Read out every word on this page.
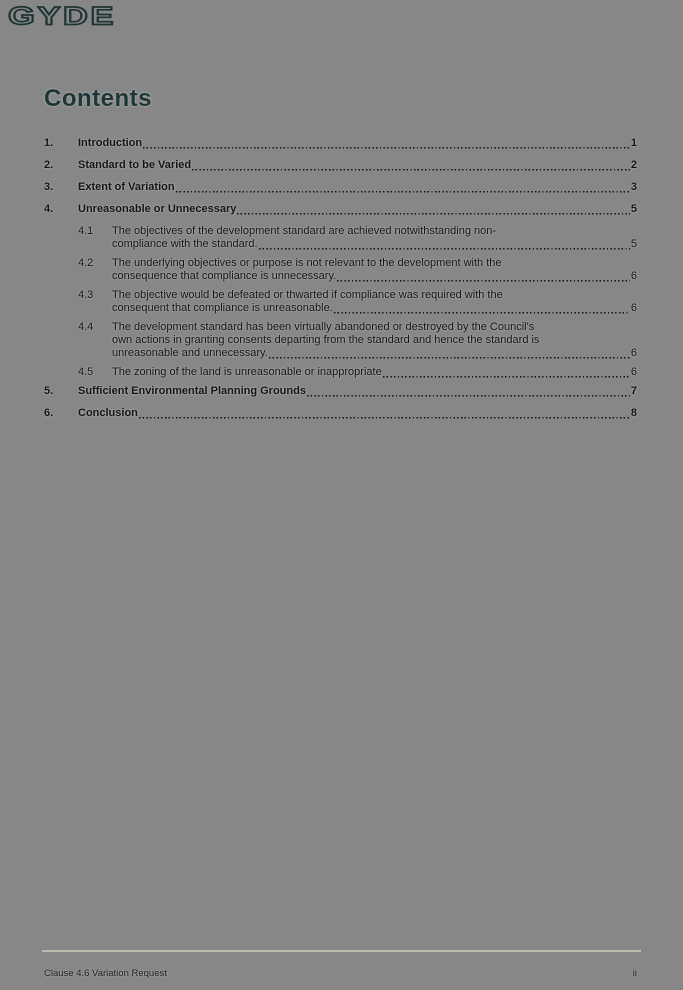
GYDE
Contents
1.	Introduction	1
2.	Standard to be Varied	2
3.	Extent of Variation	3
4.	Unreasonable or Unnecessary	5
4.1	The objectives of the development standard are achieved notwithstanding non-
compliance with the standard.	5
4.2	The underlying objectives or purpose is not relevant to the development with the
consequence that compliance is unnecessary.	6
4.3	The objective would be defeated or thwarted if compliance was required with the
consequent that compliance is unreasonable.	6
4.4	The development standard has been virtually abandoned or destroyed by the Council's
own actions in granting consents departing from the standard and hence the standard is
unreasonable and unnecessary.	6
4.5	The zoning of the land is unreasonable or inappropriate	6
5.	Sufficient Environmental Planning Grounds	7
6.	Conclusion	8
Clause 4.6 Variation Request	ii
